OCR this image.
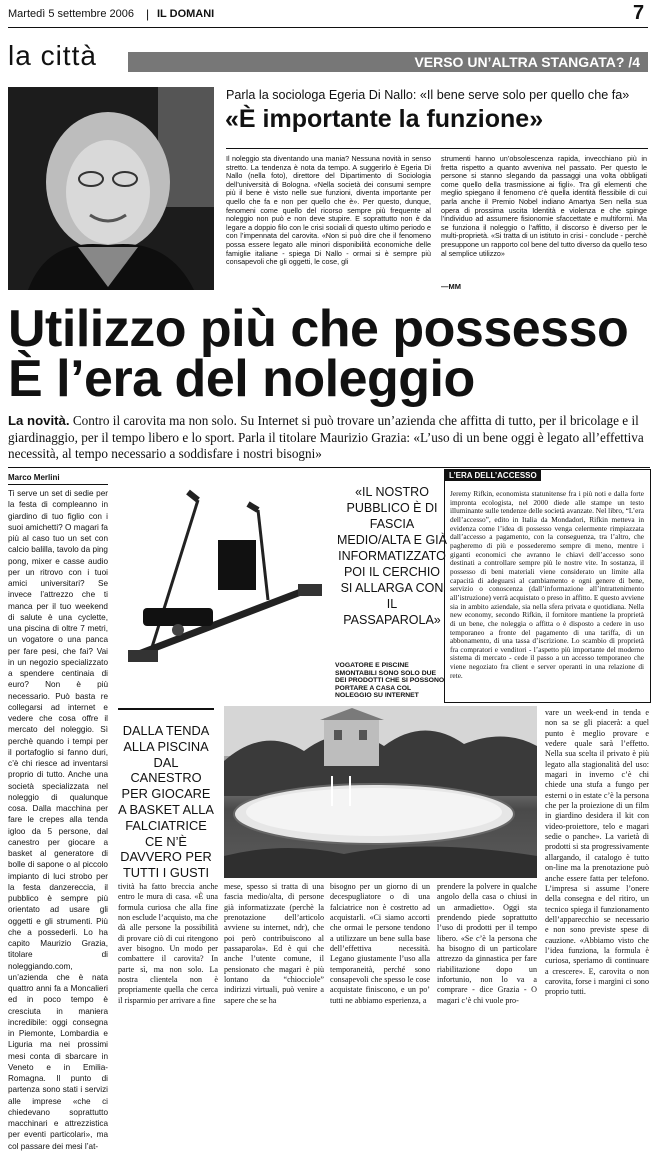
Martedì 5 settembre 2006 | IL DOMANI	7
la città	VERSO UN’ALTRA STANGATA? /4
Parla la sociologa Egeria Di Nallo: «Il bene serve solo per quello che fa»
«È importante la funzione»

Il noleggio sta diventando una mania? Nessuna novità in senso stretto. La tendenza è nota da tempo. A suggerirlo è Egeria Di Nallo (nella foto), direttore del Dipartimento di Sociologia dell’università di Bologna. «Nella società dei consumi sempre più il bene è visto nelle sue funzioni, diventa importante per quello che fa e non per quello che è». Per questo, dunque, fenomeni come quello del ricorso sempre più frequente al noleggio non può e non deve stupire. E soprattutto non è da legare a doppio filo con le crisi sociali di questo ultimo periodo e con l’impennata del carovita. «Non si può dire che il fenomeno possa essere legato alle minori disponibilità economiche delle famiglie italiane - spiega Di Nallo - ormai si è sempre più consapevoli che gli oggetti, le cose, gli

strumenti hanno un’obsolescenza rapida, invecchiano più in fretta rispetto a quanto avveniva nel passato. Per questo le persone si stanno slegando da passaggi una volta obbligati come quello della trasmissione ai figli». Tra gli elementi che meglio spiegano il fenomeno c’è quella identità flessibile di cui parla anche il Premio Nobel indiano Amartya Sen nella sua opera di prossima uscita Identità e violenza e che spinge l’individuo ad assumere fisionomie sfaccettate e multiformi. Ma se funziona il noleggio o l’affitto, il discorso è diverso per le multi-proprietà. «Si tratta di un istituto in crisi - conclude - perchè presuppone un rapporto col bene del tutto diverso da quello teso al semplice utilizzo»

—MM
Utilizzo più che possesso
È l’era del noleggio
La novità. Contro il carovita ma non solo. Su Internet si può trovare un’azienda che affitta di tutto, per il bricolage e il giardinaggio, per il tempo libero e lo sport. Parla il titolare Maurizio Grazia: «L’uso di un bene oggi è legato all’effettiva necessità, al tempo necessario a soddisfare i nostri bisogni»
Marco Merlini

Ti serve un set di sedie per la festa di compleanno in giardino di tuo figlio con i suoi amichetti? O magari fa più al caso tuo un set con calcio balilla, tavolo da ping pong, mixer e casse audio per un ritrovo con i tuoi amici universitari? Se invece l’attrezzo che ti manca per il tuo weekend di salute è una cyclette, una piscina di oltre 7 metri, un vogatore o una panca per fare pesi, che fai? Vai in un negozio specializzato a spendere centinaia di euro? Non è più necessario. Può basta re collegarsi ad internet e vedere che cosa offre il mercato del noleggio. Sì perchè quando i tempi per il portafoglio si fanno duri, c’è chi riesce ad inventarsi proprio di tutto. Anche una società specializzata nel noleggio di qualunque cosa. Dalla macchina per fare le crepes alla tenda igloo da 5 persone, dal canestro per giocare a basket al generatore di bolle di sapone o al piccolo impianto di luci strobo per la festa danzereccia, il pubblico è sempre più orientato ad usare gli oggetti e gli strumenti. Più che a possederli. Lo ha capito Maurizio Grazia, titolare di noleggiando.com, un’azienda che è nata quattro anni fa a Moncalieri ed in poco tempo è cresciuta in maniera incredibile: oggi consegna in Piemonte, Lombardia e Liguria ma nei prossimi mesi conta di sbarcare in Veneto e in Emilia-Romagna. Il punto di partenza sono stati i servizi alle imprese «che ci chiedevano soprattutto macchinari e attrezzistica per eventi particolari», ma col passare dei mesi l’at-

«IL NOSTRO PUBBLICO È DI FASCIA MEDIO/ALTA E GIÀ INFORMATIZZATO POI IL CERCHIO SI ALLARGA CON IL PASSAPAROLA»
VOGATORE E PISCINE SMONTABILI SONO SOLO DUE DEI PRODOTTI CHE SI POSSONO PORTARE A CASA COL NOLEGGIO SU INTERNET
L’ERA DELL’ACCESSO

Jeremy Rifkin, economista statunitense fra i più noti e dalla forte impronta ecologista, nel 2000 diede alle stampe un testo illuminante sulle tendenze delle società avanzate. Nel libro, “L’era dell’accesso”, edito in Italia da Mondadori, Rifkin metteva in evidenza come l’idea di possesso venga celermente rimpiazzata dall’accesso a pagamento, con la conseguenza, tra l’altro, che pagheremo di più e possederemo sempre di meno, mentre i giganti economici che avranno le chiavi dell’accesso sono destinati a controllare sempre più le nostre vite. In sostanza, il possesso di beni materiali viene considerato un limite alla capacità di adeguarsi al cambiamento e ogni genere di bene, servizio o conoscenza (dall’informazione all’intrattenimento all’istruzione) verrà acquistato o preso in affitto. E questo avviene sia in ambito aziendale, sia nella sfera privata e quotidiana. Nella new economy, secondo Rifkin, il fornitore mantiene la proprietà di un bene, che noleggia o affitta o è disposto a cedere in uso temporaneo a fronte del pagamento di una tariffa, di un abbonamento, di una tassa d’iscrizione. Lo scambio di proprietà fra compratori e venditori - l’aspetto più importante del moderno sistema di mercato - cede il passo a un accesso temporaneo che viene negoziato fra client e server operanti in una relazione di rete.

DALLA TENDA ALLA PISCINA DAL CANESTRO PER GIOCARE A BASKET ALLA FALCIATRICE CE N’È DAVVERO PER TUTTI I GUSTI

tività ha fatto breccia anche entro le mura di casa. «È una formula curiosa che alla fine non esclude l’acquisto, ma che dà alle persone la possibilità di provare ciò di cui ritengono aver bisogno. Un modo per combattere il carovita? In parte sì, ma non solo. La nostra clientela non è propriamente quella che cerca il risparmio per arrivare a fine

mese, spesso si tratta di una fascia medio/alta, di persone già informatizzate (perchè la prenotazione dell’articolo avviene su internet, ndr), che poi però contribuiscono al passaparola». Ed è qui che anche l’utente comune, il pensionato che magari è più lontano da “chiocciole” indirizzi virtuali, può venire a sapere che se ha

bisogno per un giorno di un decespugliatore o di una falciatrice non è costretto ad acquistarli. «Ci siamo accorti che ormai le persone tendono a utilizzare un bene sulla base dell’effettiva necessità. Legano giustamente l’uso alla temporaneità, perché sono consapevoli che spesso le cose acquistate finiscono, e un po’ tutti ne abbiamo esperienza, a

prendere la polvere in qualche angolo della casa o chiusi in un armadietto». Oggi sta prendendo piede soprattutto l’uso di prodotti per il tempo libero. «Se c’è la persona che ha bisogno di un particolare attrezzo da ginnastica per fare riabilitazione dopo un infortunio, non lo va a comprare - dice Grazia - O magari c’è chi vuole pro-

vare un week-end in tenda e non sa se gli piacerà: a quel punto è meglio provare e vedere quale sarà l’effetto. Nella sua scelta il privato è più legato alla stagionalità del uso: magari in inverno c’è chi chiede una stufa a fungo per esterni o in estate c’è la persona che per la proiezione di un film in giardino desidera il kit con video-proiettore, telo e magari sedie o panche». La varietà di prodotti si sta progressivamente allargando, il catalogo è tutto on-line ma la prenotazione può anche essere fatta per telefono. L’impresa si assume l’onere della consegna e del ritiro, un tecnico spiega il funzionamento dell’apparecchio se necessario e non sono previste spese di cauzione. «Abbiamo visto che l’idea funziona, la formula è curiosa, speriamo di continuare a crescere». E, carovita o non carovita, forse i margini ci sono proprio tutti.
